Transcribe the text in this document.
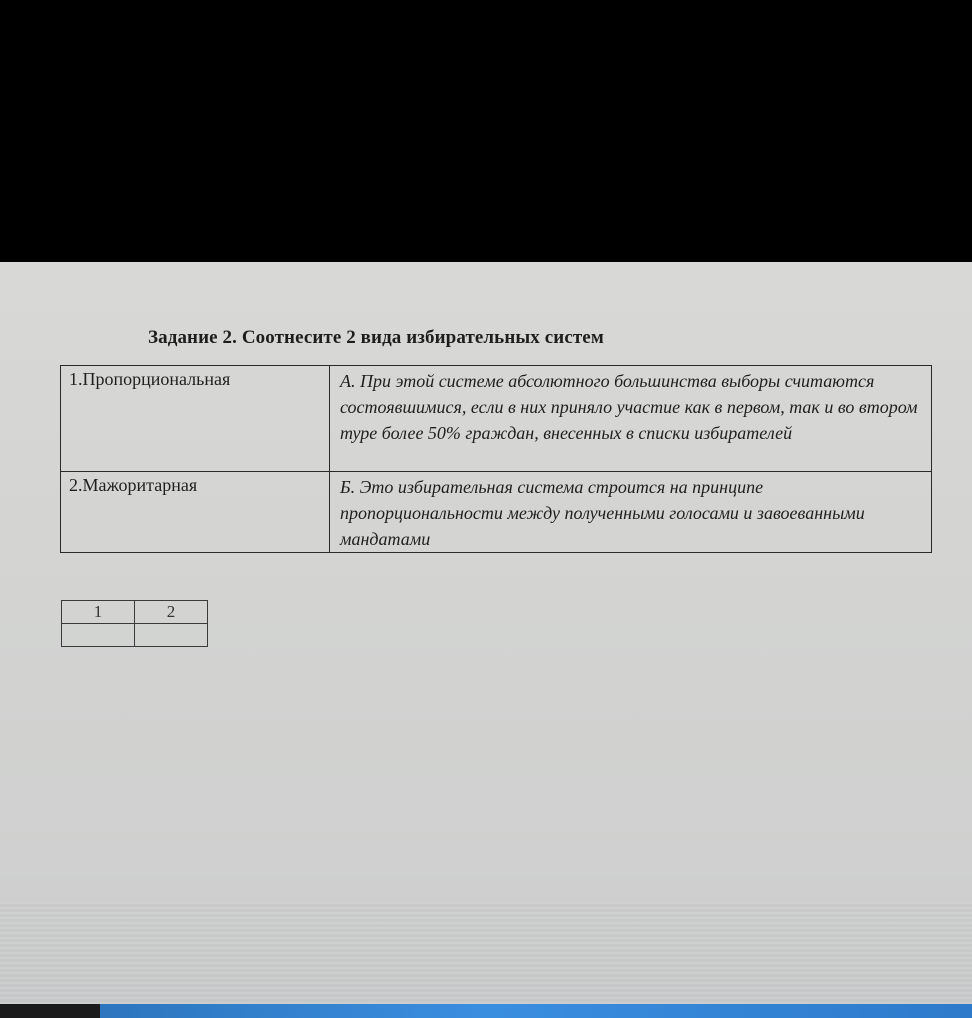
Задание 2. Соотнесите 2 вида избирательных систем
1.Пропорциональная	А. При этой системе абсолютного большинства выборы считаются состоявшимися, если в них приняло участие как в первом, так и во втором туре более 50% граждан, внесенных в списки избирателей
2.Мажоритарная	Б. Это избирательная система строится на принципе пропорциональности между полученными голосами и завоеванными мандатами
1	2
